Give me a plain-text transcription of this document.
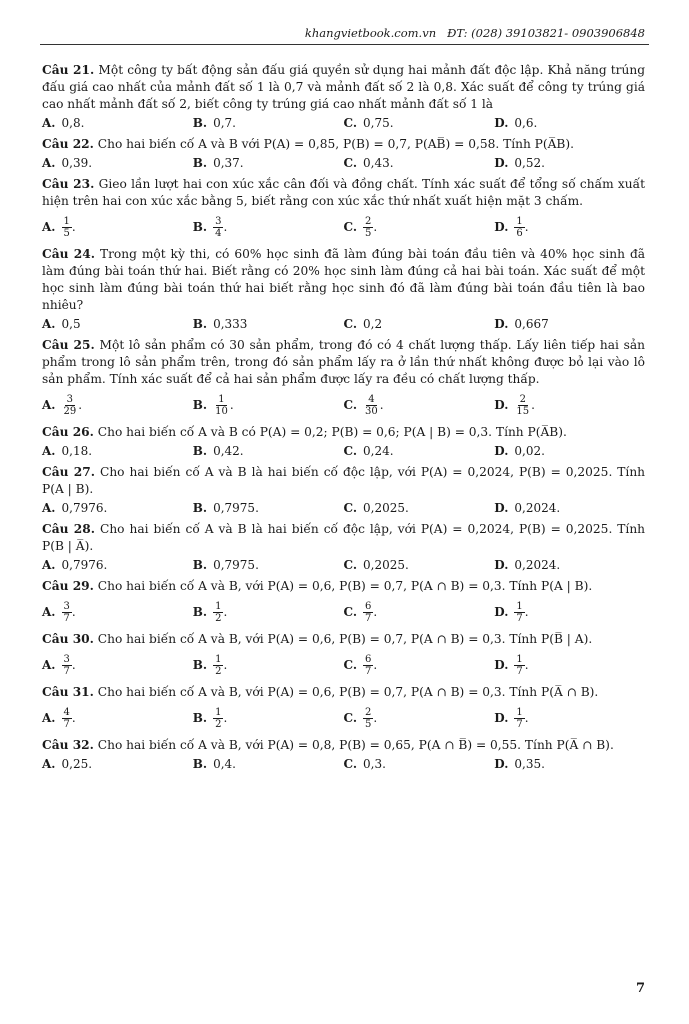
khangvietbook.com.vn ĐT: (028) 39103821- 0903906848
Câu 21. Một công ty bất động sản đấu giá quyền sử dụng hai mảnh đất độc lập. Khả năng trúng đấu giá cao nhất của mảnh đất số 1 là 0,7 và mảnh đất số 2 là 0,8. Xác suất để công ty trúng giá cao nhất mảnh đất số 2, biết công ty trúng giá cao nhất mảnh đất số 1 là
A. 0,8.	B. 0,7.	C. 0,75.	D. 0,6.
Câu 22. Cho hai biến cố A và B với P(A) = 0,85, P(B) = 0,7, P(AB̅) = 0,58. Tính P(A̅B).
A. 0,39.	B. 0,37.	C. 0,43.	D. 0,52.
Câu 23. Gieo lần lượt hai con xúc xắc cân đối và đồng chất. Tính xác suất để tổng số chấm xuất hiện trên hai con xúc xắc bằng 5, biết rằng con xúc xắc thứ nhất xuất hiện mặt 3 chấm.
A. $\frac{1}{5}$ .	B. $\frac{3}{4}$ .	C. $\frac{2}{5}$ .	D. $\frac{1}{6}$ .
Câu 24. Trong một kỳ thi, có 60% học sinh đã làm đúng bài toán đầu tiên và 40% học sinh đã làm đúng bài toán thứ hai. Biết rằng có 20% học sinh làm đúng cả hai bài toán. Xác suất để một học sinh làm đúng bài toán thứ hai biết rằng học sinh đó đã làm đúng bài toán đầu tiên là bao nhiêu?
A. 0,5	B. 0,333	C. 0,2	D. 0,667
Câu 25. Một lô sản phẩm có 30 sản phẩm, trong đó có 4 chất lượng thấp. Lấy liên tiếp hai sản phẩm trong lô sản phẩm trên, trong đó sản phẩm lấy ra ở lần thứ nhất không được bỏ lại vào lô sản phẩm. Tính xác suất để cả hai sản phẩm được lấy ra đều có chất lượng thấp.
A. $\frac{3}{29}$ .	B. $\frac{1}{10}$ .	C. $\frac{4}{30}$ .	D. $\frac{2}{15}$ .
Câu 26. Cho hai biến cố A và B có P(A) = 0,2; P(B) = 0,6; P(A | B) = 0,3. Tính P(A̅B).
A. 0,18.	B. 0,42.	C. 0,24.	D. 0,02.
Câu 27. Cho hai biến cố A và B là hai biến cố độc lập, với P(A) = 0,2024, P(B) = 0,2025. Tính P(A | B).
A. 0,7976.	B. 0,7975.	C. 0,2025.	D. 0,2024.
Câu 28. Cho hai biến cố A và B là hai biến cố độc lập, với P(A) = 0,2024, P(B) = 0,2025. Tính P(B | A̅).
A. 0,7976.	B. 0,7975.	C. 0,2025.	D. 0,2024.
Câu 29. Cho hai biến cố A và B, với P(A) = 0,6, P(B) = 0,7, P(A ∩ B) = 0,3. Tính P(A | B).
A. $\frac{3}{7}$ .	B. $\frac{1}{2}$ .	C. $\frac{6}{7}$ .	D. $\frac{1}{7}$ .
Câu 30. Cho hai biến cố A và B, với P(A) = 0,6, P(B) = 0,7, P(A ∩ B) = 0,3. Tính P(B̅ | A).
A. $\frac{3}{7}$ .	B. $\frac{1}{2}$ .	C. $\frac{6}{7}$ .	D. $\frac{1}{7}$ .
Câu 31. Cho hai biến cố A và B, với P(A) = 0,6, P(B) = 0,7, P(A ∩ B) = 0,3. Tính P(A̅ ∩ B).
A. $\frac{4}{7}$ .	B. $\frac{1}{2}$ .	C. $\frac{2}{5}$ .	D. $\frac{1}{7}$ .
Câu 32. Cho hai biến cố A và B, với P(A) = 0,8, P(B) = 0,65, P(A ∩ B̅) = 0,55. Tính P(A̅ ∩ B).
A. 0,25.	B. 0,4.	C. 0,3.	D. 0,35.
7
